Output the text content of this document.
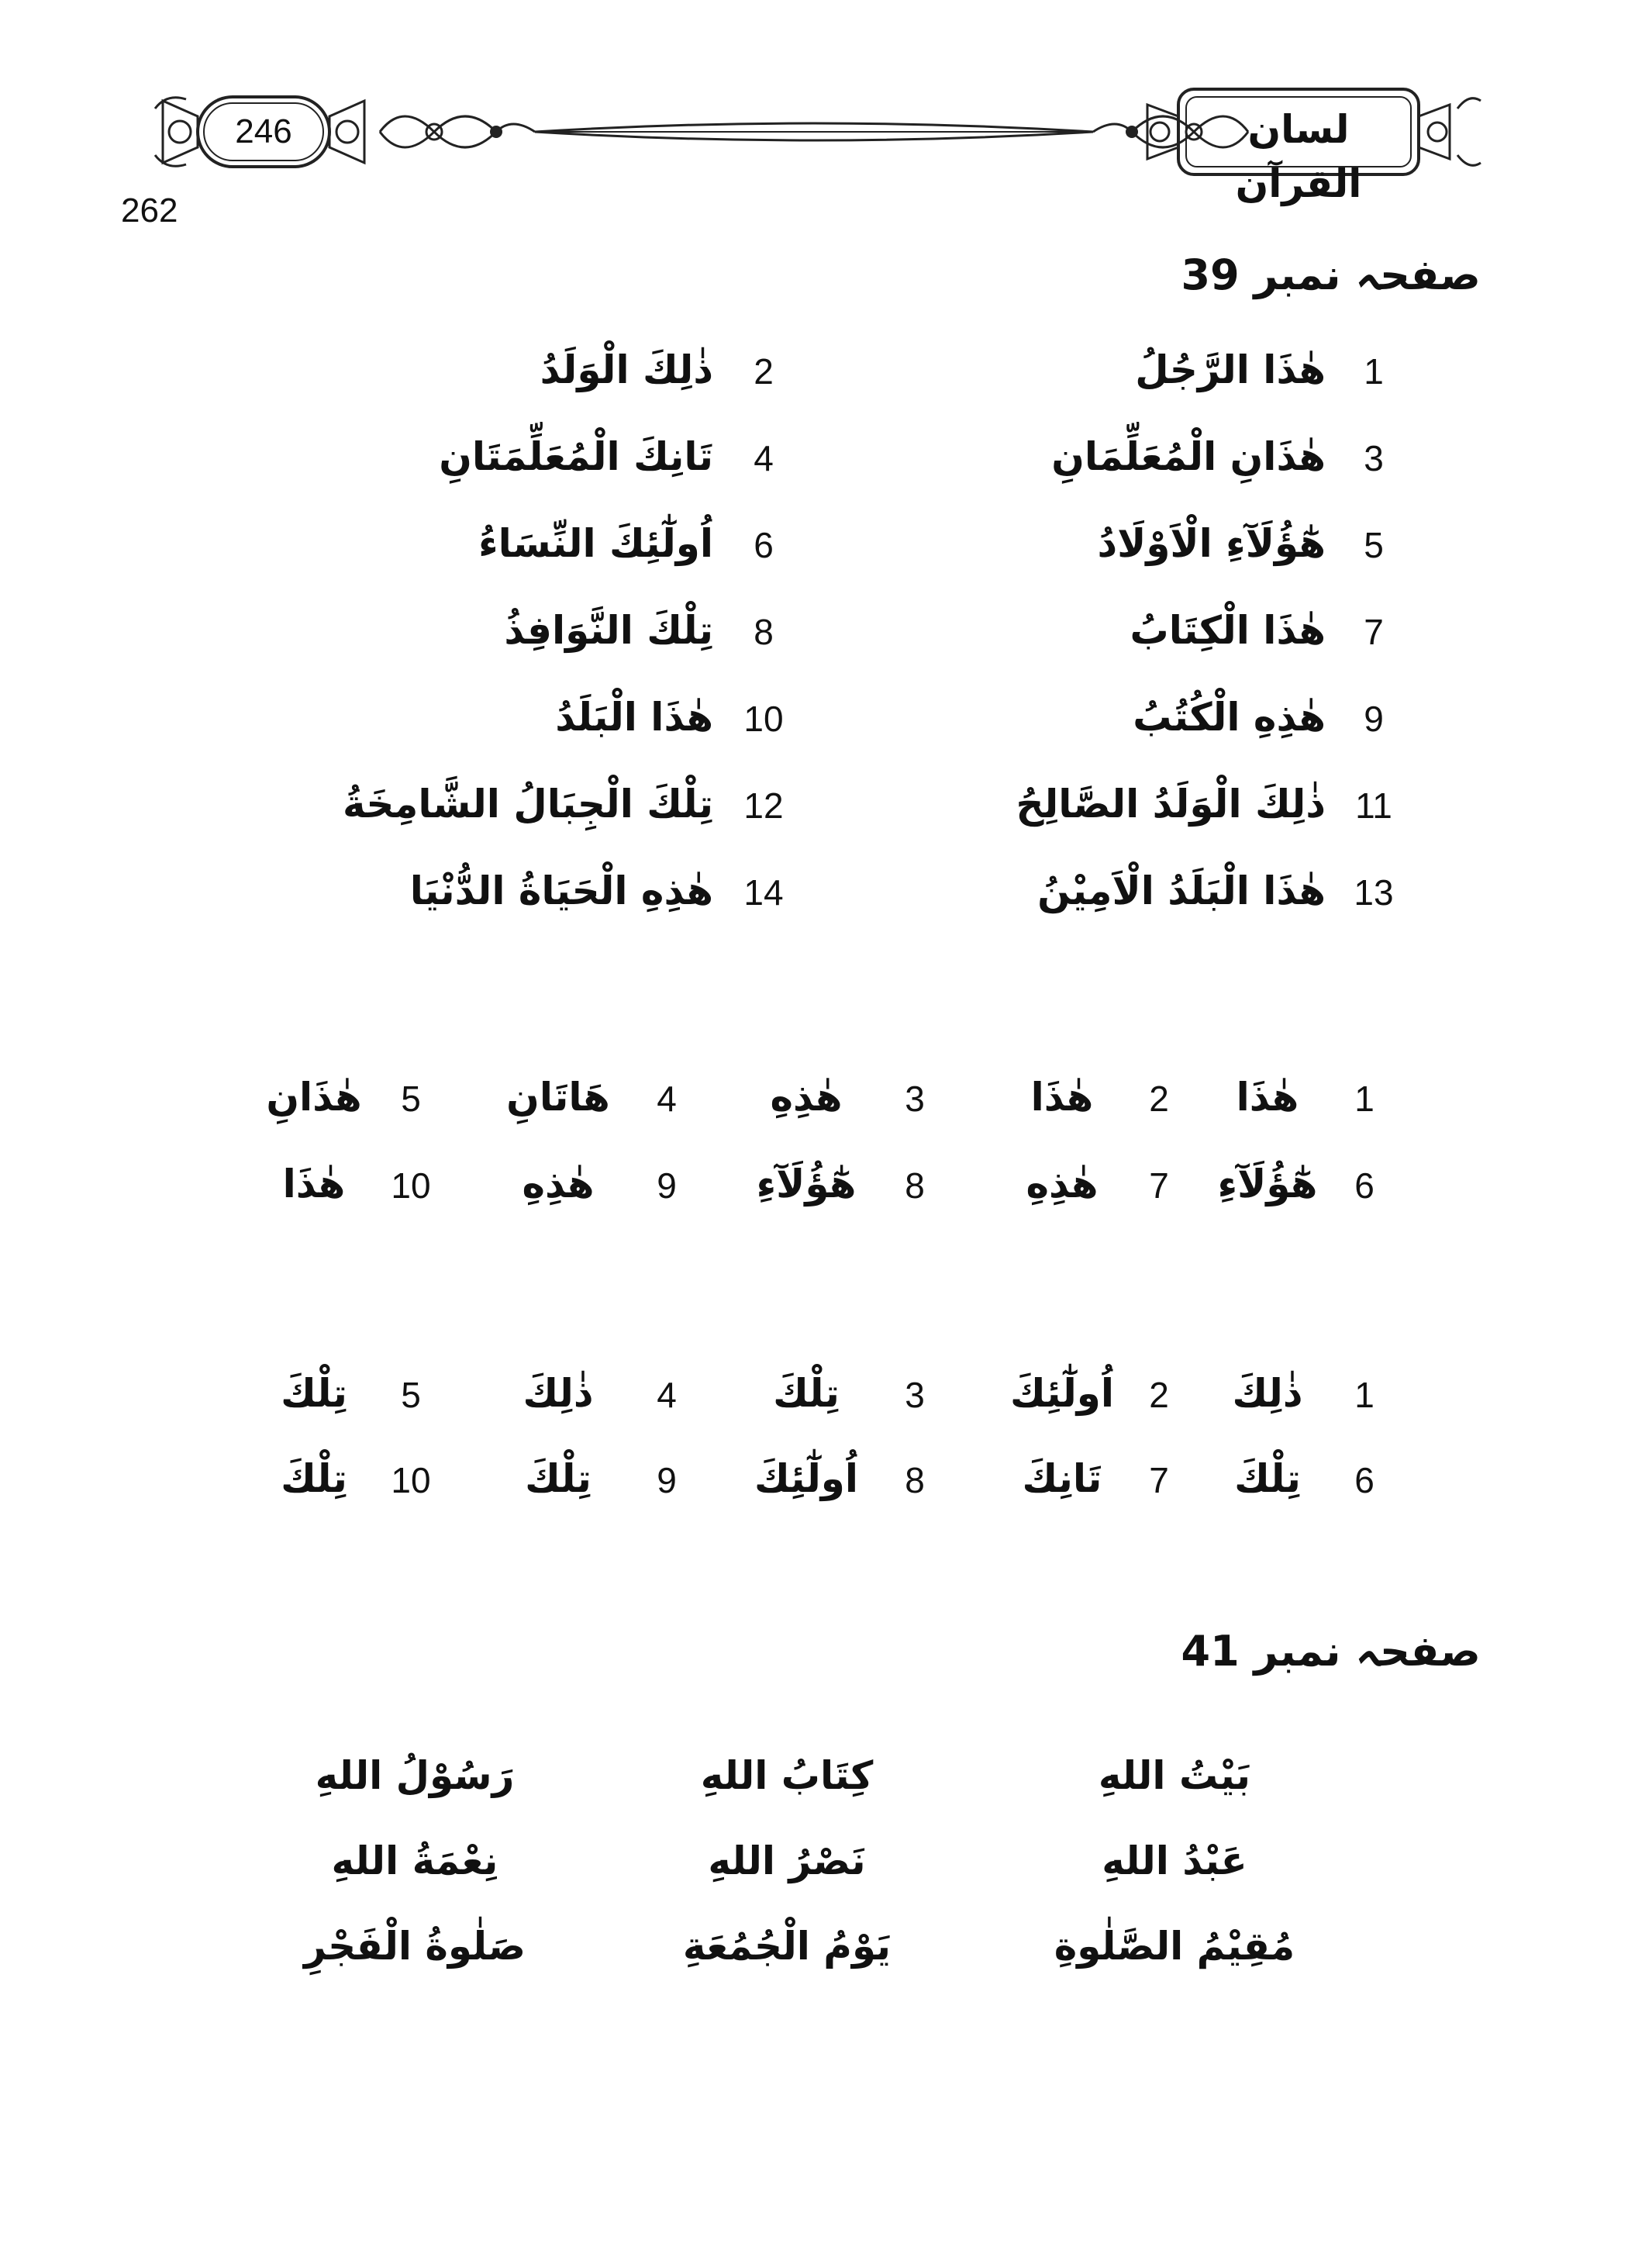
246	لسان القرآن
262
صفحہ نمبر 39
1
هٰذَا الرَّجُلُ
2
ذٰلِكَ الْوَلَدُ
3
هٰذَانِ الْمُعَلِّمَانِ
4
تَانِكَ الْمُعَلِّمَتَانِ
5
هٰٓؤُلَآءِ الْاَوْلَادُ
6
اُولٰٓئِكَ النِّسَاءُ
7
هٰذَا الْكِتَابُ
8
تِلْكَ النَّوَافِذُ
9
هٰذِهِ الْكُتُبُ
10
هٰذَا الْبَلَدُ
11
ذٰلِكَ الْوَلَدُ الصَّالِحُ
12
تِلْكَ الْجِبَالُ الشَّامِخَةُ
13
هٰذَا الْبَلَدُ الْاَمِيْنُ
14
هٰذِهِ الْحَيَاةُ الدُّنْيَا
1
هٰذَا
2
هٰذَا
3
هٰذِهِ
4
هَاتَانِ
5
هٰذَانِ
6
هٰٓؤُلَآءِ
7
هٰذِهِ
8
هٰٓؤُلَآءِ
9
هٰذِهِ
10
هٰذَا
1
ذٰلِكَ
2
اُولٰٓئِكَ
3
تِلْكَ
4
ذٰلِكَ
5
تِلْكَ
6
تِلْكَ
7
تَانِكَ
8
اُولٰٓئِكَ
9
تِلْكَ
10
تِلْكَ
صفحہ نمبر 41
بَيْتُ اللهِ
كِتَابُ اللهِ
رَسُوْلُ اللهِ
عَبْدُ اللهِ
نَصْرُ اللهِ
نِعْمَةُ اللهِ
مُقِيْمُ الصَّلٰوةِ
يَوْمُ الْجُمُعَةِ
صَلٰوةُ الْفَجْرِ
